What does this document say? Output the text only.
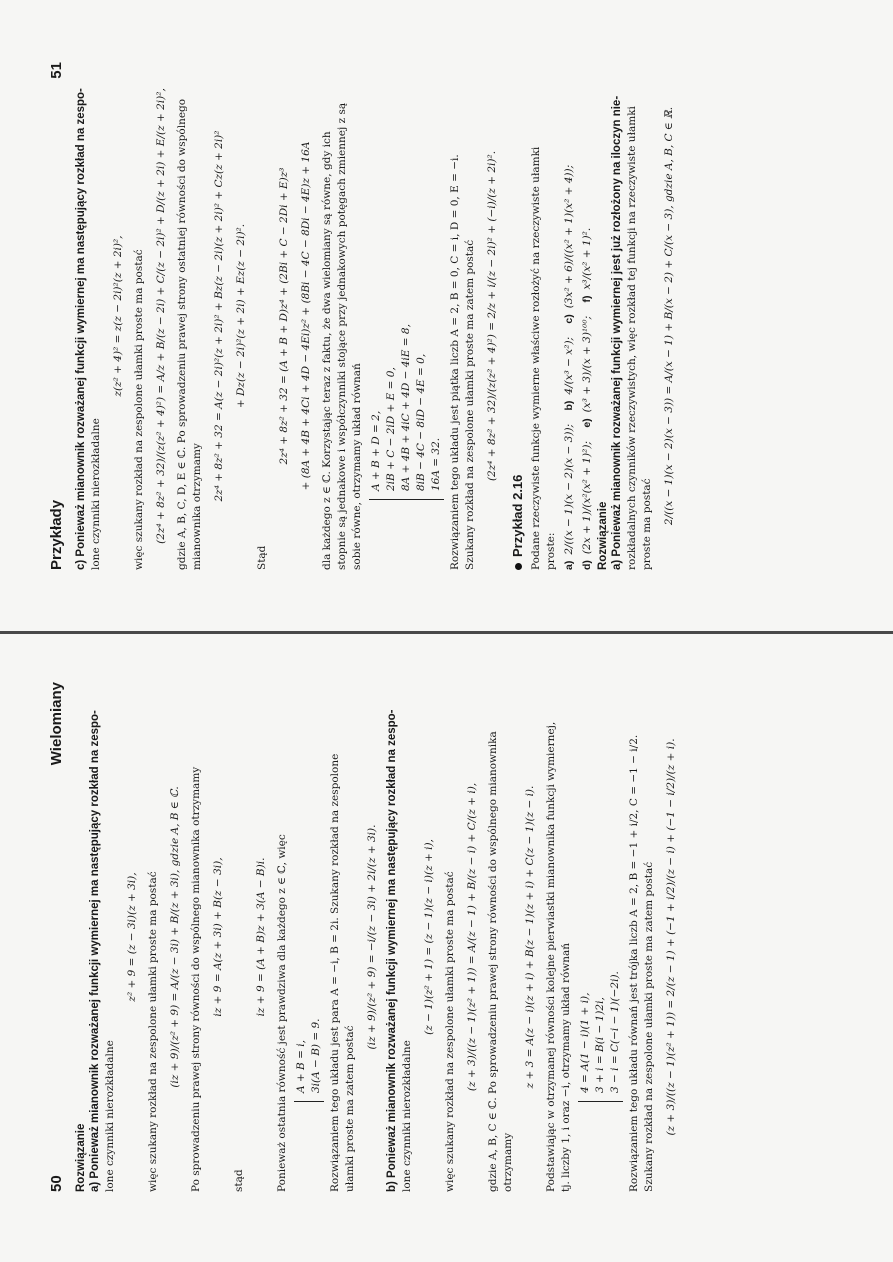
50
Wielomiany
Rozwiązanie a) Ponieważ mianownik rozważanej funkcji wymiernej ma następujący rozkład na zespo- lone czynniki nierozkładalne

z² + 9 = (z − 3i)(z + 3i), więc szukany rozkład na zespolone ułamki proste ma postać (iz + 9)/(z² + 9) = A/(z − 3i) + B/(z + 3i), gdzie A, B ∈ ℂ. Po sprowadzeniu prawej strony równości do wspólnego mianownika otrzymamy iz + 9 = A(z + 3i) + B(z − 3i),

stąd

iz + 9 = (A + B)z + 3(A − B)i. Ponieważ ostatnia równość jest prawdziwa dla każdego z ∈ ℂ, więc A + B = i, 3i(A − B) = 9. Rozwiązaniem tego układu jest para A = −i, B = 2i. Szukany rozkład na zespolone ułamki proste ma zatem postać

(iz + 9)/(z² + 9) = −i/(z − 3i) + 2i/(z + 3i). b) Ponieważ mianownik rozważanej funkcji wymiernej ma następujący rozkład na zespo- lone czynniki nierozkładalne

(z − 1)(z² + 1) = (z − 1)(z − i)(z + i), więc szukany rozkład na zespolone ułamki proste ma postać (z + 3)/((z − 1)(z² + 1)) = A/(z − 1) + B/(z − i) + C/(z + i), gdzie A, B, C ∈ ℂ. Po sprowadzeniu prawej strony równości do wspólnego mianownika otrzymamy

z + 3 = A(z − i)(z + i) + B(z − 1)(z + i) + C(z − 1)(z − i). Podstawiając w otrzymanej równości kolejne pierwiastki mianownika funkcji wymiernej, tj. liczby 1, i oraz −i, otrzymamy układ równań 4 = A(1 − i)(1 + i), 3 + i = B(i − 1)2i, 3 − i = C(−i − 1)(−2i). Rozwiązaniem tego układu równań jest trójka liczb A = 2, B = −1 + i/2, C = −1 − i/2. Szukany rozkład na zespolone ułamki proste ma zatem postać (z + 3)/((z − 1)(z² + 1)) = 2/(z − 1) + (−1 + i/2)/(z − i) + (−1 − i/2)/(z + i).
Przykłady
51
c) Ponieważ mianownik rozważanej funkcji wymiernej ma następujący rozkład na zespo- lone czynniki nierozkładalne

z(z² + 4)² = z(z − 2i)²(z + 2i)², więc szukany rozkład na zespolone ułamki proste ma postać (2z⁴ + 8z² + 32)/(z(z² + 4)²) = A/z + B/(z − 2i) + C/(z − 2i)² + D/(z + 2i) + E/(z + 2i)², gdzie A, B, C, D, E ∈ ℂ. Po sprowadzeniu prawej strony ostatniej równości do wspólnego mianownika otrzymamy

2z⁴ + 8z² + 32 = A(z − 2i)²(z + 2i)² + Bz(z − 2i)(z + 2i)² + Cz(z + 2i)² + Dz(z − 2i)²(z + 2i) + Ez(z − 2i)².

Stąd

2z⁴ + 8z² + 32 = (A + B + D)z⁴ + (2Bi + C − 2Di + E)z³ + (8A + 4B + 4Ci + 4D − 4Ei)z² + (8Bi − 4C − 8Di − 4E)z + 16A dla każdego z ∈ ℂ. Korzystając teraz z faktu, że dwa wielomiany są równe, gdy ich stopnie są jednakowe i współczynniki stojące przy jednakowych potęgach zmiennej z są sobie równe, otrzymamy układ równań A + B + D = 2, 2iB + C − 2iD + E = 0, 8A + 4B + 4iC + 4D − 4iE = 8, 8iB − 4C − 8iD − 4E = 0, 16A = 32. Rozwiązaniem tego układu jest piątka liczb A = 2, B = 0, C = i, D = 0, E = −i. Szukany rozkład na zespolone ułamki proste ma zatem postać (2z⁴ + 8z² + 32)/(z(z² + 4)²) = 2/z + i/(z − 2i)² + (−i)/(z + 2i)².
Przykład 2.16 Podane rzeczywiste funkcje wymierne właściwe rozłożyć na rzeczywiste ułamki proste: a)2/((x − 1)(x − 2)(x − 3));    b)4/(x³ − x²);    c)(3x² + 6)/((x² + 1)(x² + 4));
d)(2x + 1)/(x²(x² + 1)²);    e)(x³ + 3)/(x + 3)¹⁰⁰;    f)x³/(x² + 1)².
Rozwiązanie a) Ponieważ mianownik rozważanej funkcji wymiernej jest już rozłożony na iloczyn nie- rozkładalnych czynników rzeczywistych, więc rozkład tej funkcji na rzeczywiste ułamki proste ma postać 2/((x − 1)(x − 2)(x − 3)) = A/(x − 1) + B/(x − 2) + C/(x − 3), gdzie A, B, C ∈ ℝ.
